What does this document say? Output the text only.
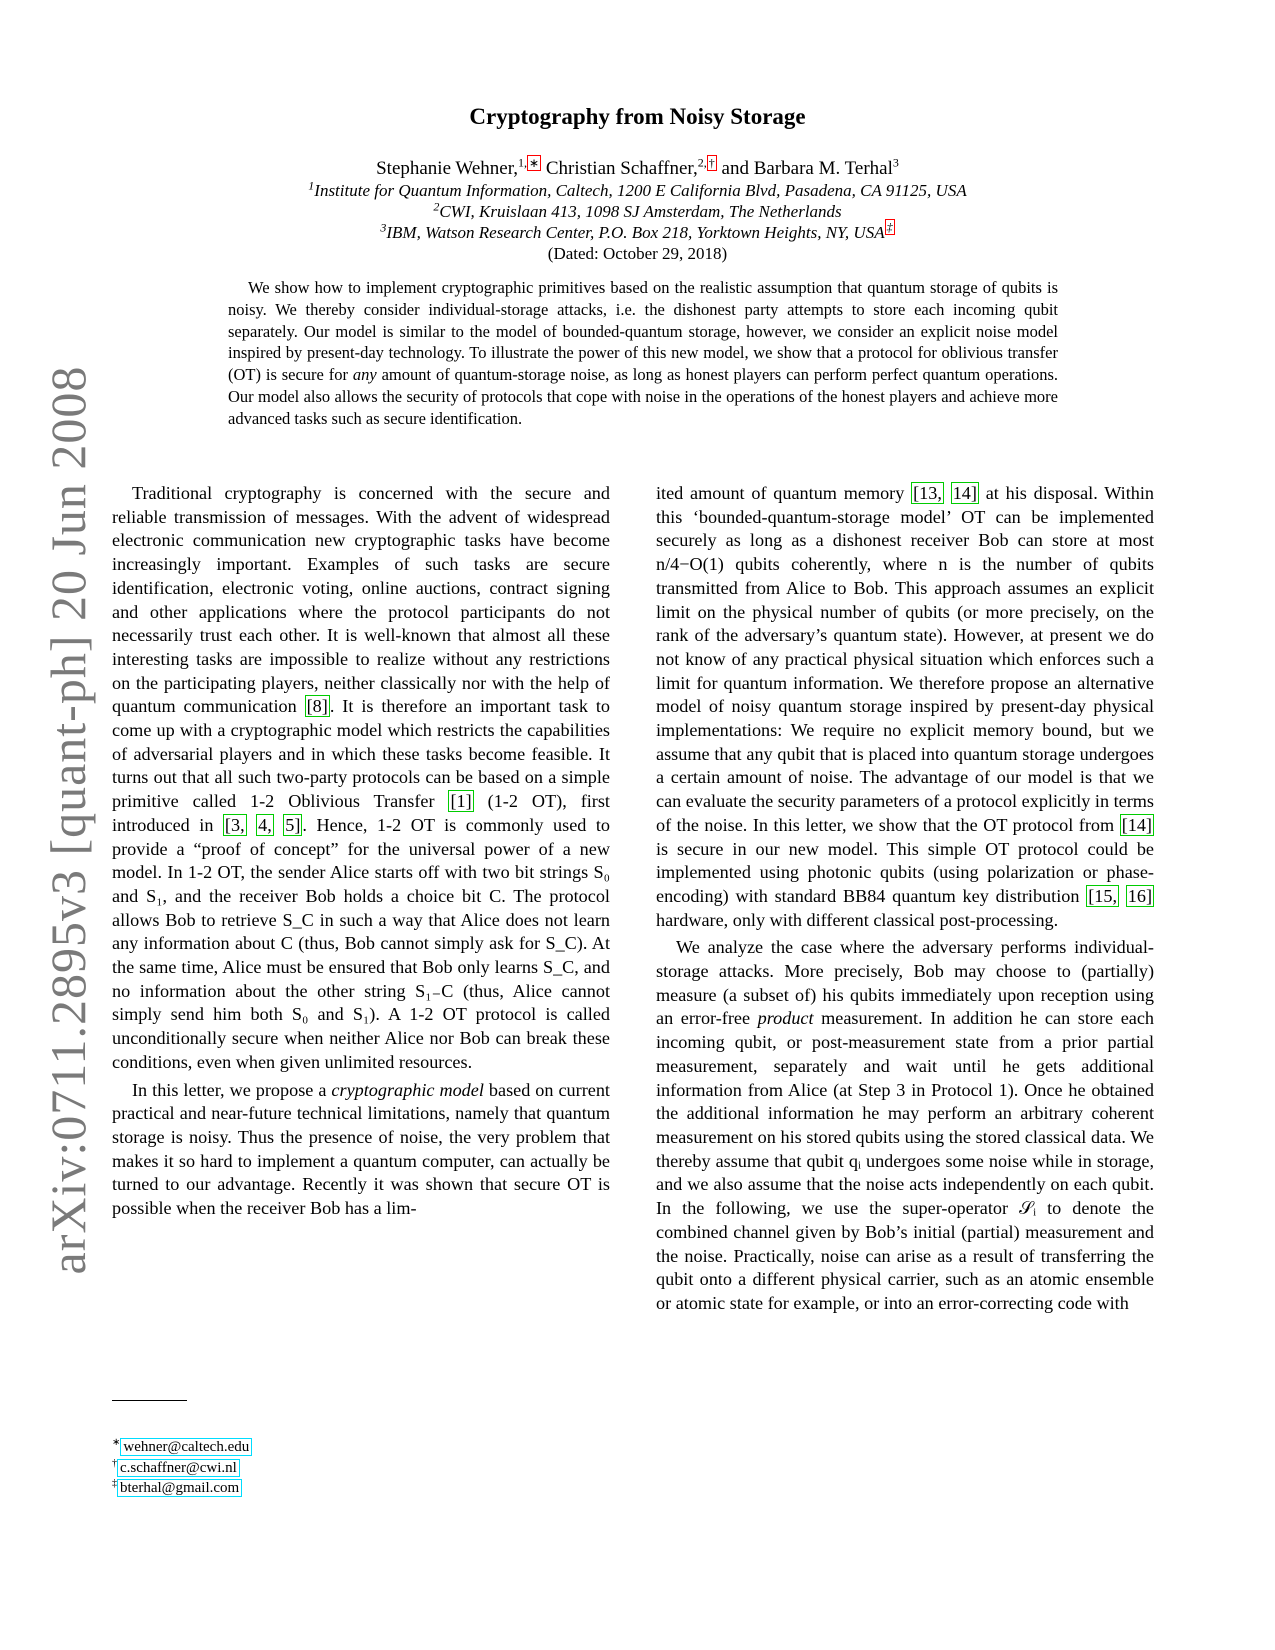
arXiv:0711.2895v3 [quant-ph] 20 Jun 2008
Cryptography from Noisy Storage
Stephanie Wehner,$^{1, ∗}$ Christian Schaffner,$^{2, \dagger}$ and Barbara M. Terhal$^3$
$^1$Institute for Quantum Information, Caltech, 1200 E California Blvd, Pasadena, CA 91125, USA
$^2$CWI, Kruislaan 413, 1098 SJ Amsterdam, The Netherlands
$^3$IBM, Watson Research Center, P.O. Box 218, Yorktown Heights, NY, USA ‡
(Dated: October 29, 2018)
We show how to implement cryptographic primitives based on the realistic assumption that quantum storage of qubits is noisy. We thereby consider individual-storage attacks, i.e. the dishonest party attempts to store each incoming qubit separately. Our model is similar to the model of bounded-quantum storage, however, we consider an explicit noise model inspired by present-day technology. To illustrate the power of this new model, we show that a protocol for oblivious transfer (OT) is secure for any amount of quantum-storage noise, as long as honest players can perform perfect quantum operations. Our model also allows the security of protocols that cope with noise in the operations of the honest players and achieve more advanced tasks such as secure identification.

Traditional cryptography is concerned with the secure and reliable transmission of messages. With the advent of widespread electronic communication new cryptographic tasks have become increasingly important. Examples of such tasks are secure identification, electronic voting, online auctions, contract signing and other applications where the protocol participants do not necessarily trust each other. It is well-known that almost all these interesting tasks are impossible to realize without any restrictions on the participating players, neither classically nor with the help of quantum communication [8] . It is therefore an important task to come up with a cryptographic model which restricts the capabilities of adversarial players and in which these tasks become feasible. It turns out that all such two-party protocols can be based on a simple primitive called 1-2 Oblivious Transfer [1] (1-2 OT), first introduced in [3, 4, 5] . Hence, 1-2 OT is commonly used to provide a “proof of concept” for the universal power of a new model. In 1-2 OT, the sender Alice starts off with two bit strings S₀ and S₁, and the receiver Bob holds a choice bit C. The protocol allows Bob to retrieve S_C in such a way that Alice does not learn any information about C (thus, Bob cannot simply ask for S_C). At the same time, Alice must be ensured that Bob only learns S_C, and no information about the other string S₁₋C (thus, Alice cannot simply send him both S₀ and S₁). A 1-2 OT protocol is called unconditionally secure when neither Alice nor Bob can break these conditions, even when given unlimited resources.

In this letter, we propose a cryptographic model based on current practical and near-future technical limitations, namely that quantum storage is noisy. Thus the presence of noise, the very problem that makes it so hard to implement a quantum computer, can actually be turned to our advantage. Recently it was shown that secure OT is possible when the receiver Bob has a lim-

ited amount of quantum memory [13, 14] at his disposal. Within this ‘bounded-quantum-storage model’ OT can be implemented securely as long as a dishonest receiver Bob can store at most n/4−O(1) qubits coherently, where n is the number of qubits transmitted from Alice to Bob. This approach assumes an explicit limit on the physical number of qubits (or more precisely, on the rank of the adversary’s quantum state). However, at present we do not know of any practical physical situation which enforces such a limit for quantum information. We therefore propose an alternative model of noisy quantum storage inspired by present-day physical implementations: We require no explicit memory bound, but we assume that any qubit that is placed into quantum storage undergoes a certain amount of noise. The advantage of our model is that we can evaluate the security parameters of a protocol explicitly in terms of the noise. In this letter, we show that the OT protocol from [14] is secure in our new model. This simple OT protocol could be implemented using photonic qubits (using polarization or phase-encoding) with standard BB84 quantum key distribution [15, 16] hardware, only with different classical post-processing.

We analyze the case where the adversary performs individual-storage attacks. More precisely, Bob may choose to (partially) measure (a subset of) his qubits immediately upon reception using an error-free product measurement. In addition he can store each incoming qubit, or post-measurement state from a prior partial measurement, separately and wait until he gets additional information from Alice (at Step 3 in Protocol 1). Once he obtained the additional information he may perform an arbitrary coherent measurement on his stored qubits using the stored classical data. We thereby assume that qubit qᵢ undergoes some noise while in storage, and we also assume that the noise acts independently on each qubit. In the following, we use the super-operator 𝒮ᵢ to denote the combined channel given by Bob’s initial (partial) measurement and the noise. Practically, noise can arise as a result of transferring the qubit onto a different physical carrier, such as an atomic ensemble or atomic state for example, or into an error-correcting code with

∗ wehner@caltech.edu
† c.schaffner@cwi.nl
‡ bterhal@gmail.com
